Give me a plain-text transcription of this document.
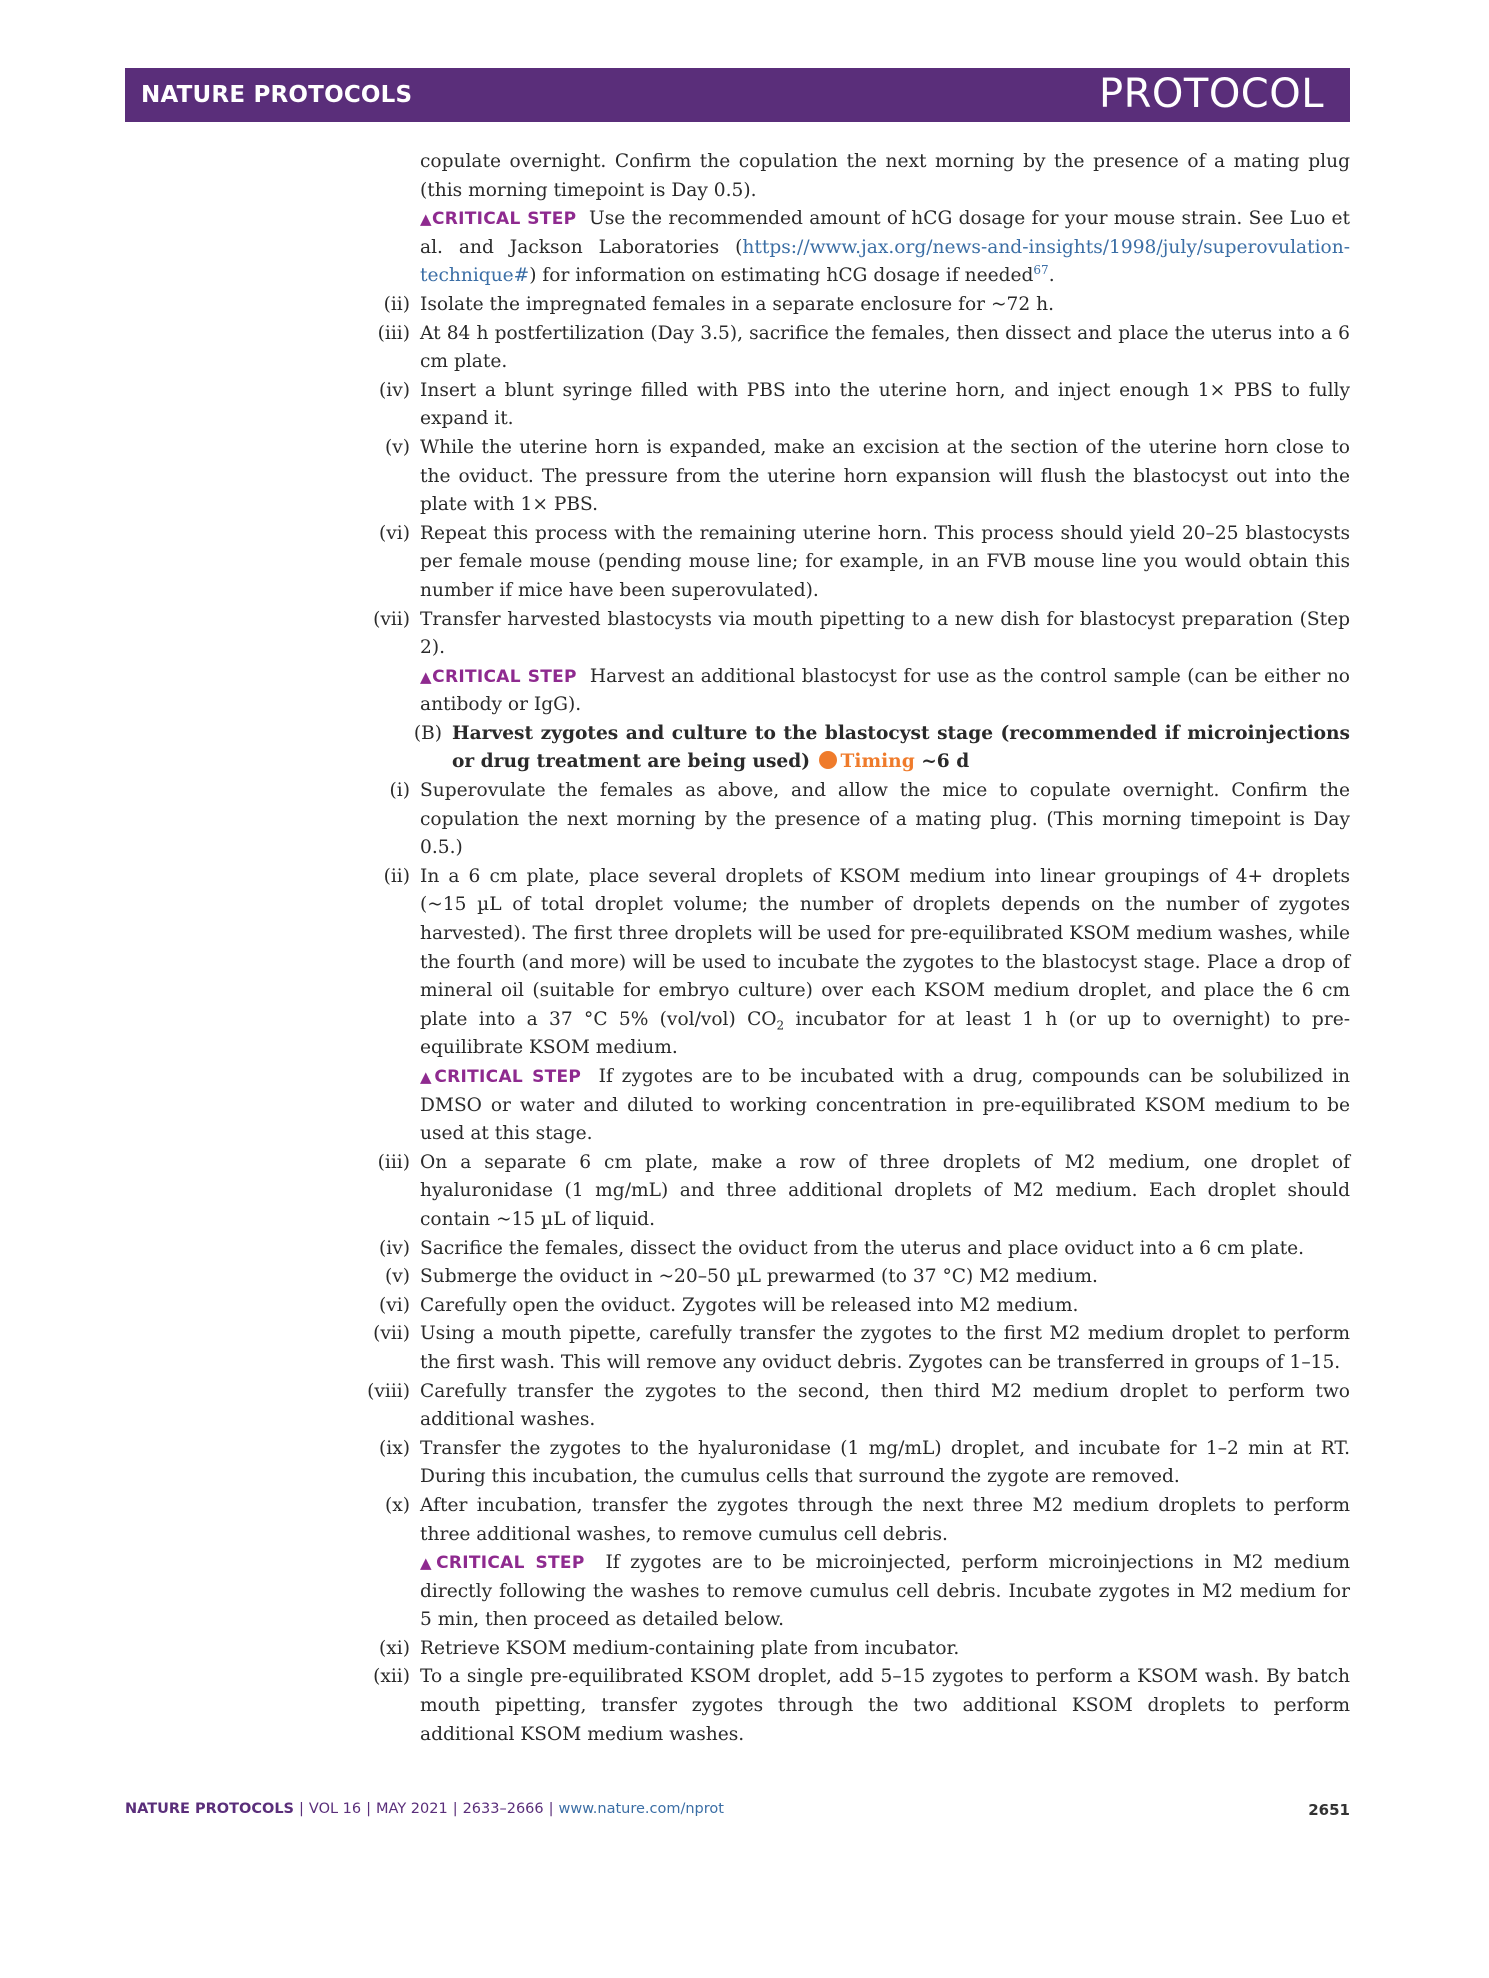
NATURE PROTOCOLS	PROTOCOL
copulate overnight. Confirm the copulation the next morning by the presence of a mating plug (this morning timepoint is Day 0.5).
▲CRITICAL STEP Use the recommended amount of hCG dosage for your mouse strain. See Luo et al. and Jackson Laboratories (https://www.jax.org/news-and-insights/1998/july/superovulation-technique#) for information on estimating hCG dosage if needed$^{67}$.
(ii) Isolate the impregnated females in a separate enclosure for ~72 h.
(iii) At 84 h postfertilization (Day 3.5), sacrifice the females, then dissect and place the uterus into a 6 cm plate.
(iv) Insert a blunt syringe filled with PBS into the uterine horn, and inject enough 1× PBS to fully expand it.
(v) While the uterine horn is expanded, make an excision at the section of the uterine horn close to the oviduct. The pressure from the uterine horn expansion will flush the blastocyst out into the plate with 1× PBS.
(vi) Repeat this process with the remaining uterine horn. This process should yield 20–25 blastocysts per female mouse (pending mouse line; for example, in an FVB mouse line you would obtain this number if mice have been superovulated).
(vii) Transfer harvested blastocysts via mouth pipetting to a new dish for blastocyst preparation (Step 2).
▲CRITICAL STEP Harvest an additional blastocyst for use as the control sample (can be either no antibody or IgG).
(B) Harvest zygotes and culture to the blastocyst stage (recommended if microinjections or drug treatment are being used) Timing ~6 d
(i) Superovulate the females as above, and allow the mice to copulate overnight. Confirm the copulation the next morning by the presence of a mating plug. (This morning timepoint is Day 0.5.)
(ii) In a 6 cm plate, place several droplets of KSOM medium into linear groupings of 4+ droplets (~15 µL of total droplet volume; the number of droplets depends on the number of zygotes harvested). The first three droplets will be used for pre-equilibrated KSOM medium washes, while the fourth (and more) will be used to incubate the zygotes to the blastocyst stage. Place a drop of mineral oil (suitable for embryo culture) over each KSOM medium droplet, and place the 6 cm plate into a 37 °C 5% (vol/vol) $CO_2$ incubator for at least 1 h (or up to overnight) to pre-equilibrate KSOM medium.
▲CRITICAL STEP If zygotes are to be incubated with a drug, compounds can be solubilized in DMSO or water and diluted to working concentration in pre-equilibrated KSOM medium to be used at this stage.
(iii) On a separate 6 cm plate, make a row of three droplets of M2 medium, one droplet of hyaluronidase (1 mg/mL) and three additional droplets of M2 medium. Each droplet should contain ~15 µL of liquid.
(iv) Sacrifice the females, dissect the oviduct from the uterus and place oviduct into a 6 cm plate.
(v) Submerge the oviduct in ~20–50 µL prewarmed (to 37 °C) M2 medium.
(vi) Carefully open the oviduct. Zygotes will be released into M2 medium.
(vii) Using a mouth pipette, carefully transfer the zygotes to the first M2 medium droplet to perform the first wash. This will remove any oviduct debris. Zygotes can be transferred in groups of 1–15.
(viii) Carefully transfer the zygotes to the second, then third M2 medium droplet to perform two additional washes.
(ix) Transfer the zygotes to the hyaluronidase (1 mg/mL) droplet, and incubate for 1–2 min at RT. During this incubation, the cumulus cells that surround the zygote are removed.
(x) After incubation, transfer the zygotes through the next three M2 medium droplets to perform three additional washes, to remove cumulus cell debris.
▲CRITICAL STEP If zygotes are to be microinjected, perform microinjections in M2 medium directly following the washes to remove cumulus cell debris. Incubate zygotes in M2 medium for 5 min, then proceed as detailed below.
(xi) Retrieve KSOM medium-containing plate from incubator.
(xii) To a single pre-equilibrated KSOM droplet, add 5–15 zygotes to perform a KSOM wash. By batch mouth pipetting, transfer zygotes through the two additional KSOM droplets to perform additional KSOM medium washes.
NATURE PROTOCOLS | VOL 16 | MAY 2021 | 2633–2666 | www.nature.com/nprot	2651
